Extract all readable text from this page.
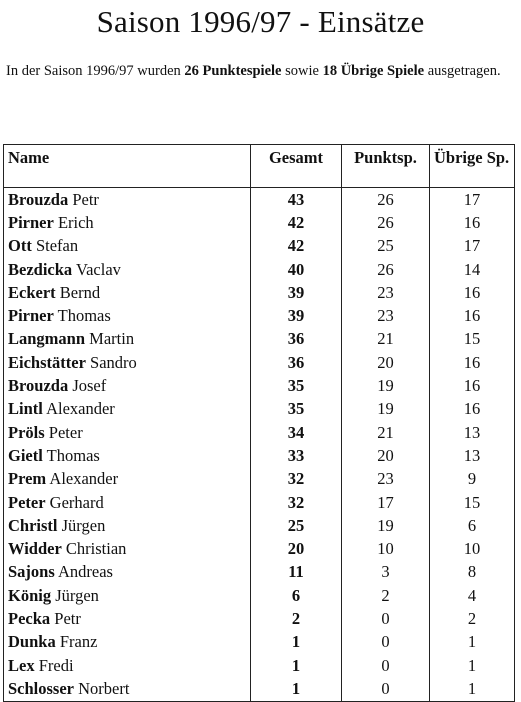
Saison 1996/97 - Einsätze
In der Saison 1996/97 wurden 26 Punktespiele sowie 18 Übrige Spiele ausgetragen.
Name	Gesamt	Punktsp.	Übrige Sp.
Brouzda Petr	43	26	17
Pirner Erich	42	26	16
Ott Stefan	42	25	17
Bezdicka Vaclav	40	26	14
Eckert Bernd	39	23	16
Pirner Thomas	39	23	16
Langmann Martin	36	21	15
Eichstätter Sandro	36	20	16
Brouzda Josef	35	19	16
Lintl Alexander	35	19	16
Pröls Peter	34	21	13
Gietl Thomas	33	20	13
Prem Alexander	32	23	9
Peter Gerhard	32	17	15
Christl Jürgen	25	19	6
Widder Christian	20	10	10
Sajons Andreas	11	3	8
König Jürgen	6	2	4
Pecka Petr	2	0	2
Dunka Franz	1	0	1
Lex Fredi	1	0	1
Schlosser Norbert	1	0	1
